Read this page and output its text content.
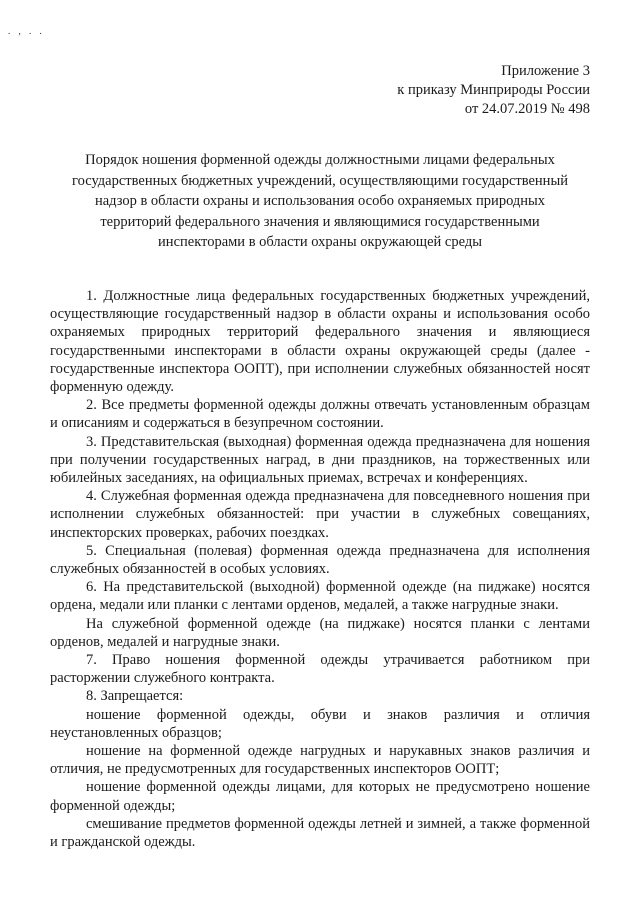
. , . .
Приложение 3
к приказу Минприроды России
от 24.07.2019 № 498
Порядок ношения форменной одежды должностными лицами федеральных
государственных бюджетных учреждений, осуществляющими государственный
надзор в области охраны и использования особо охраняемых природных
территорий федерального значения и являющимися государственными
инспекторами в области охраны окружающей среды

1. Должностные лица федеральных государственных бюджетных учреждений, осуществляющие государственный надзор в области охраны и использования особо охраняемых природных территорий федерального значения и являющиеся государственными инспекторами в области охраны окружающей среды (далее - государственные инспектора ООПТ), при исполнении служебных обязанностей носят форменную одежду.

2. Все предметы форменной одежды должны отвечать установленным образцам и описаниям и содержаться в безупречном состоянии.

3. Представительская (выходная) форменная одежда предназначена для ношения при получении государственных наград, в дни праздников, на торжественных или юбилейных заседаниях, на официальных приемах, встречах и конференциях.

4. Служебная форменная одежда предназначена для повседневного ношения при исполнении служебных обязанностей: при участии в служебных совещаниях, инспекторских проверках, рабочих поездках.

5. Специальная (полевая) форменная одежда предназначена для исполнения служебных обязанностей в особых условиях.

6. На представительской (выходной) форменной одежде (на пиджаке) носятся ордена, медали или планки с лентами орденов, медалей, а также нагрудные знаки.

На служебной форменной одежде (на пиджаке) носятся планки с лентами орденов, медалей и нагрудные знаки.

7. Право ношения форменной одежды утрачивается работником при расторжении служебного контракта.

8. Запрещается:

ношение форменной одежды, обуви и знаков различия и отличия неустановленных образцов;

ношение на форменной одежде нагрудных и нарукавных знаков различия и отличия, не предусмотренных для государственных инспекторов ООПТ;

ношение форменной одежды лицами, для которых не предусмотрено ношение форменной одежды;

смешивание предметов форменной одежды летней и зимней, а также форменной и гражданской одежды.
